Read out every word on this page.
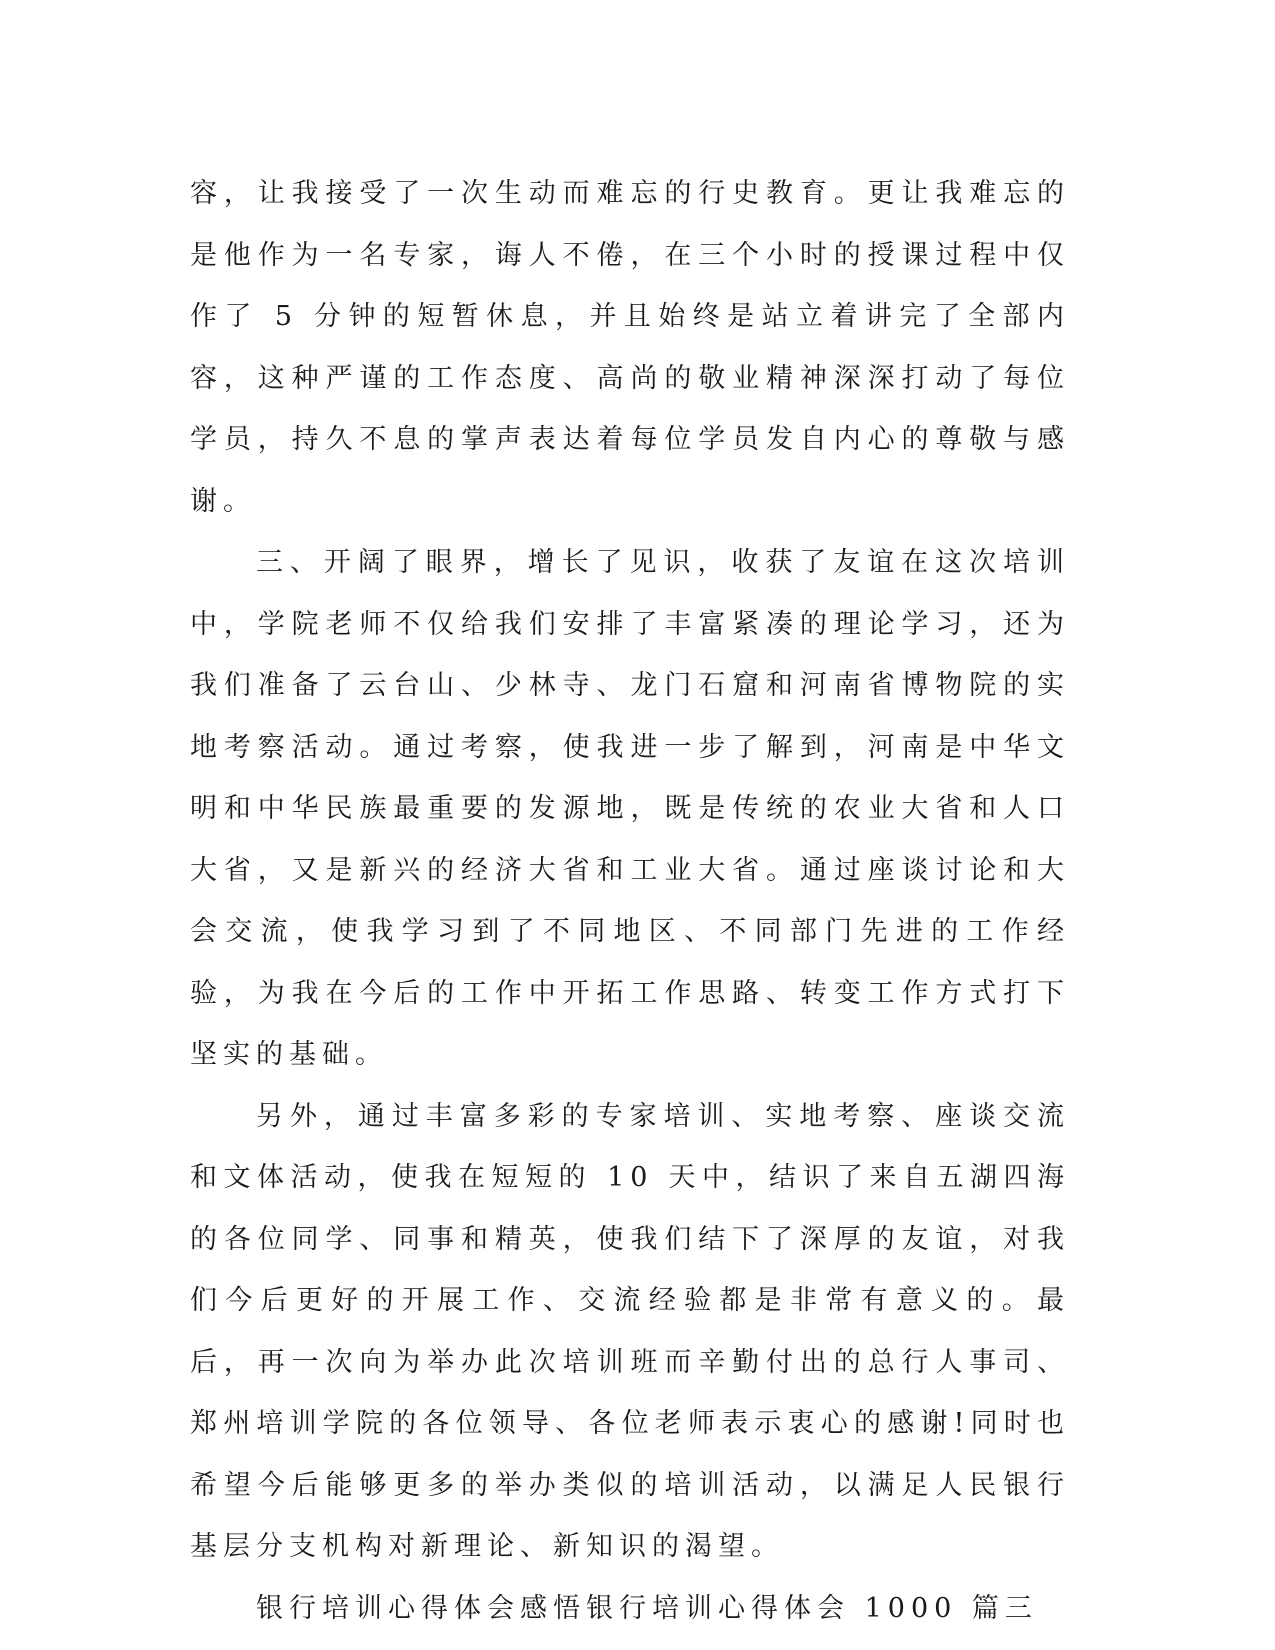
容，让我接受了一次生动而难忘的行史教育。更让我难忘的是他作为一名专家，诲人不倦，在三个小时的授课过程中仅作了 5 分钟的短暂休息，并且始终是站立着讲完了全部内容，这种严谨的工作态度、高尚的敬业精神深深打动了每位学员，持久不息的掌声表达着每位学员发自内心的尊敬与感谢。

三、开阔了眼界，增长了见识，收获了友谊在这次培训中，学院老师不仅给我们安排了丰富紧凑的理论学习，还为我们准备了云台山、少林寺、龙门石窟和河南省博物院的实地考察活动。通过考察，使我进一步了解到，河南是中华文明和中华民族最重要的发源地，既是传统的农业大省和人口大省，又是新兴的经济大省和工业大省。通过座谈讨论和大会交流，使我学习到了不同地区、不同部门先进的工作经验，为我在今后的工作中开拓工作思路、转变工作方式打下坚实的基础。

另外，通过丰富多彩的专家培训、实地考察、座谈交流和文体活动，使我在短短的 10 天中，结识了来自五湖四海的各位同学、同事和精英，使我们结下了深厚的友谊，对我们今后更好的开展工作、交流经验都是非常有意义的。最后，再一次向为举办此次培训班而辛勤付出的总行人事司、郑州培训学院的各位领导、各位老师表示衷心的感谢!同时也希望今后能够更多的举办类似的培训活动，以满足人民银行基层分支机构对新理论、新知识的渴望。

银行培训心得体会感悟银行培训心得体会 1000 篇三
